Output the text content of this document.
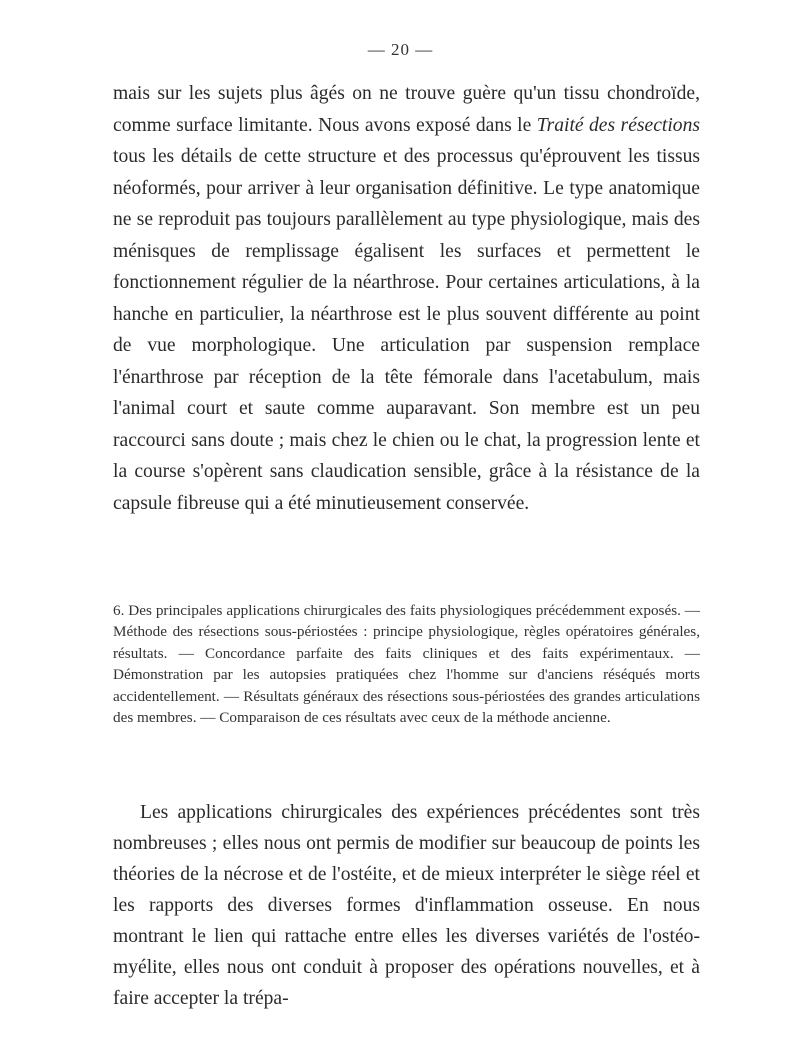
— 20 —

mais sur les sujets plus âgés on ne trouve guère qu'un tissu chondroïde, comme surface limitante. Nous avons exposé dans le Traité des résections tous les détails de cette structure et des processus qu'éprouvent les tissus néoformés, pour arriver à leur organisation définitive. Le type anatomique ne se reproduit pas toujours parallèlement au type physiologique, mais des ménisques de remplissage égalisent les surfaces et permettent le fonctionnement régulier de la néarthrose. Pour certaines articulations, à la hanche en particulier, la néarthrose est le plus souvent différente au point de vue morphologique. Une articulation par suspension remplace l'énarthrose par réception de la tête fémorale dans l'acetabulum, mais l'animal court et saute comme auparavant. Son membre est un peu raccourci sans doute ; mais chez le chien ou le chat, la progression lente et la course s'opèrent sans claudication sensible, grâce à la résistance de la capsule fibreuse qui a été minutieusement conservée.

6. Des principales applications chirurgicales des faits physiologiques précédemment exposés. — Méthode des résections sous-périostées : principe physiologique, règles opératoires générales, résultats. — Concordance parfaite des faits cliniques et des faits expérimentaux. — Démonstration par les autopsies pratiquées chez l'homme sur d'anciens réséqués morts accidentellement. — Résultats généraux des résections sous-périostées des grandes articulations des membres. — Comparaison de ces résultats avec ceux de la méthode ancienne.

Les applications chirurgicales des expériences précédentes sont très nombreuses ; elles nous ont permis de modifier sur beaucoup de points les théories de la nécrose et de l'ostéite, et de mieux interpréter le siège réel et les rapports des diverses formes d'inflammation osseuse. En nous montrant le lien qui rattache entre elles les diverses variétés de l'ostéo-myélite, elles nous ont conduit à proposer des opérations nouvelles, et à faire accepter la trépa-
